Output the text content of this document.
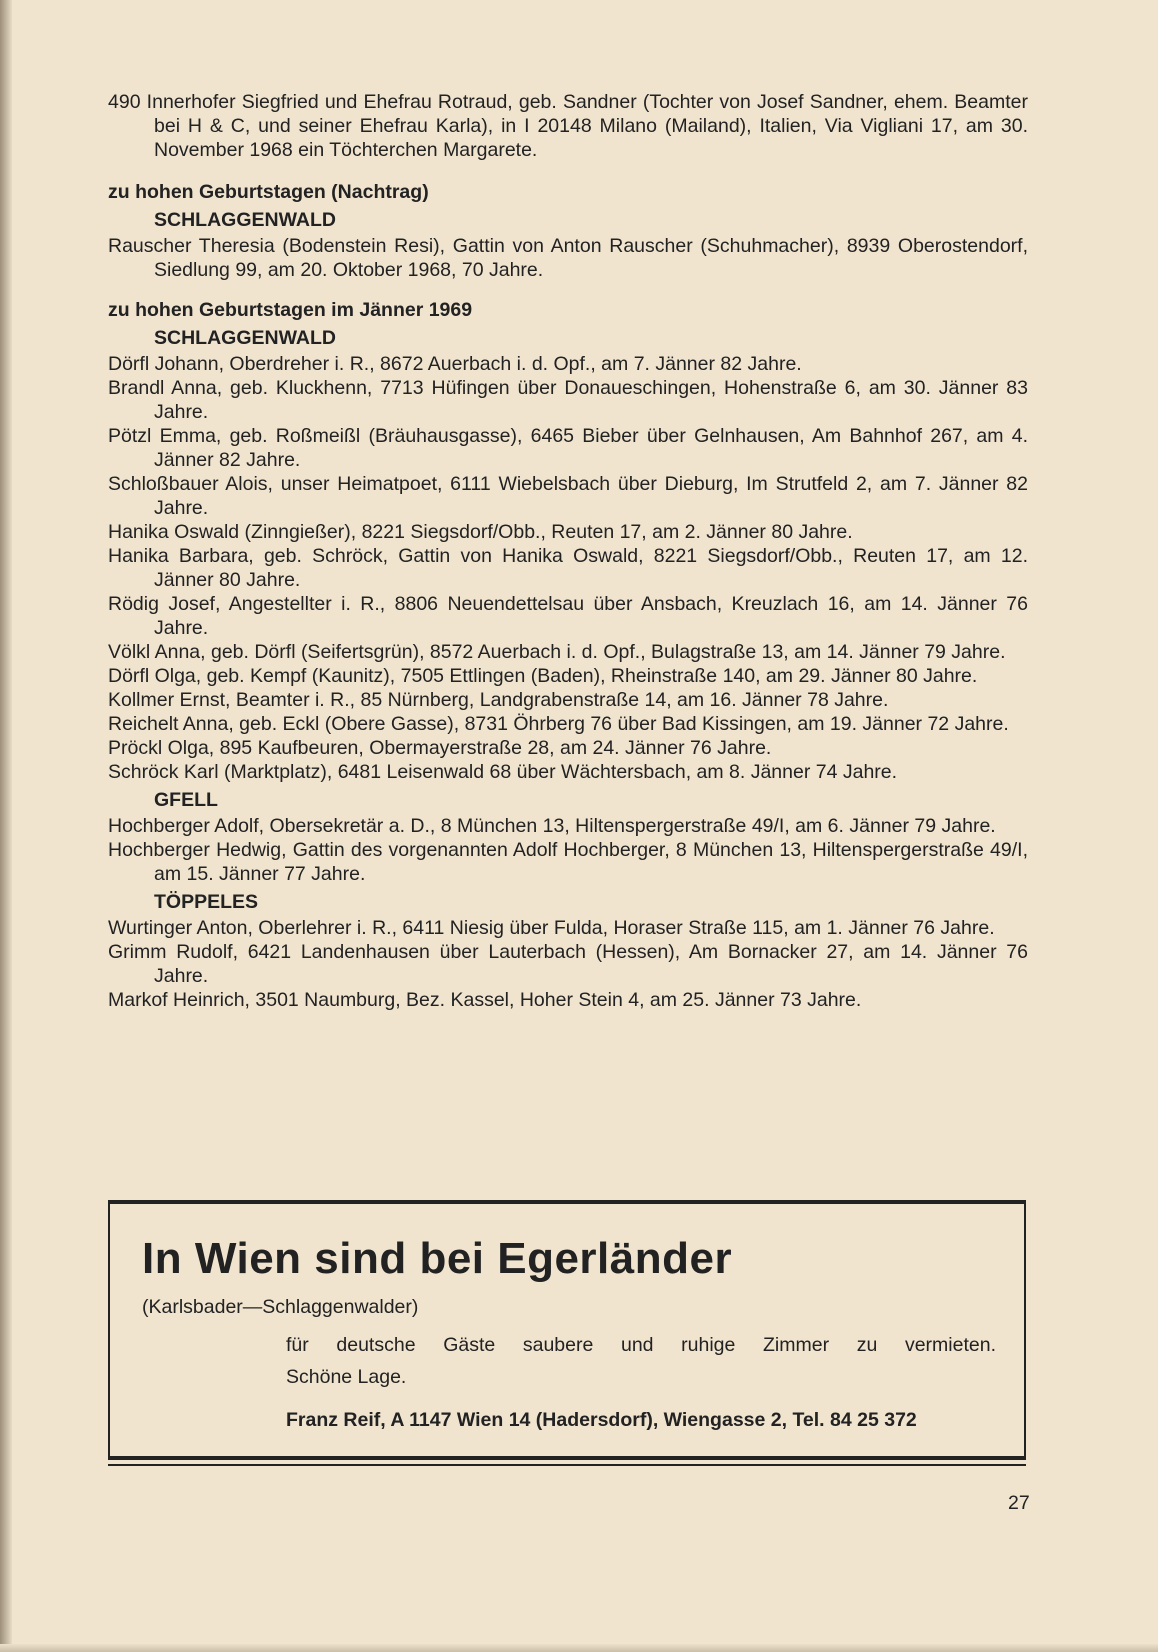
490 Innerhofer Siegfried und Ehefrau Rotraud, geb. Sandner (Tochter von Josef Sandner, ehem. Beamter bei H & C, und seiner Ehefrau Karla), in I 20148 Milano (Mailand), Italien, Via Vigliani 17, am 30. November 1968 ein Töchterchen Margarete.

zu hohen Geburtstagen (Nachtrag)

SCHLAGGENWALD

Rauscher Theresia (Bodenstein Resi), Gattin von Anton Rauscher (Schuhmacher), 8939 Oberostendorf, Siedlung 99, am 20. Oktober 1968, 70 Jahre.

zu hohen Geburtstagen im Jänner 1969

SCHLAGGENWALD

Dörfl Johann, Oberdreher i. R., 8672 Auerbach i. d. Opf., am 7. Jänner 82 Jahre.

Brandl Anna, geb. Kluckhenn, 7713 Hüfingen über Donaueschingen, Hohenstraße 6, am 30. Jänner 83 Jahre.

Pötzl Emma, geb. Roßmeißl (Bräuhausgasse), 6465 Bieber über Gelnhausen, Am Bahnhof 267, am 4. Jänner 82 Jahre.

Schloßbauer Alois, unser Heimatpoet, 6111 Wiebelsbach über Dieburg, Im Strutfeld 2, am 7. Jänner 82 Jahre.

Hanika Oswald (Zinngießer), 8221 Siegsdorf/Obb., Reuten 17, am 2. Jänner 80 Jahre.

Hanika Barbara, geb. Schröck, Gattin von Hanika Oswald, 8221 Siegsdorf/Obb., Reuten 17, am 12. Jänner 80 Jahre.

Rödig Josef, Angestellter i. R., 8806 Neuendettelsau über Ansbach, Kreuzlach 16, am 14. Jänner 76 Jahre.

Völkl Anna, geb. Dörfl (Seifertsgrün), 8572 Auerbach i. d. Opf., Bulagstraße 13, am 14. Jänner 79 Jahre.

Dörfl Olga, geb. Kempf (Kaunitz), 7505 Ettlingen (Baden), Rheinstraße 140, am 29. Jänner 80 Jahre.

Kollmer Ernst, Beamter i. R., 85 Nürnberg, Landgrabenstraße 14, am 16. Jänner 78 Jahre.

Reichelt Anna, geb. Eckl (Obere Gasse), 8731 Öhrberg 76 über Bad Kissingen, am 19. Jänner 72 Jahre.

Pröckl Olga, 895 Kaufbeuren, Obermayerstraße 28, am 24. Jänner 76 Jahre.

Schröck Karl (Marktplatz), 6481 Leisenwald 68 über Wächtersbach, am 8. Jänner 74 Jahre.

GFELL

Hochberger Adolf, Obersekretär a. D., 8 München 13, Hiltenspergerstraße 49/I, am 6. Jänner 79 Jahre.

Hochberger Hedwig, Gattin des vorgenannten Adolf Hochberger, 8 München 13, Hiltenspergerstraße 49/I, am 15. Jänner 77 Jahre.

TÖPPELES

Wurtinger Anton, Oberlehrer i. R., 6411 Niesig über Fulda, Horaser Straße 115, am 1. Jänner 76 Jahre.

Grimm Rudolf, 6421 Landenhausen über Lauterbach (Hessen), Am Bornacker 27, am 14. Jänner 76 Jahre.

Markof Heinrich, 3501 Naumburg, Bez. Kassel, Hoher Stein 4, am 25. Jänner 73 Jahre.

In Wien sind bei Egerländer

(Karlsbader—Schlaggenwalder)

für deutsche Gäste saubere und ruhige Zimmer zu vermieten.

Schöne Lage.

Franz Reif, A 1147 Wien 14 (Hadersdorf), Wiengasse 2, Tel. 84 25 372

27
